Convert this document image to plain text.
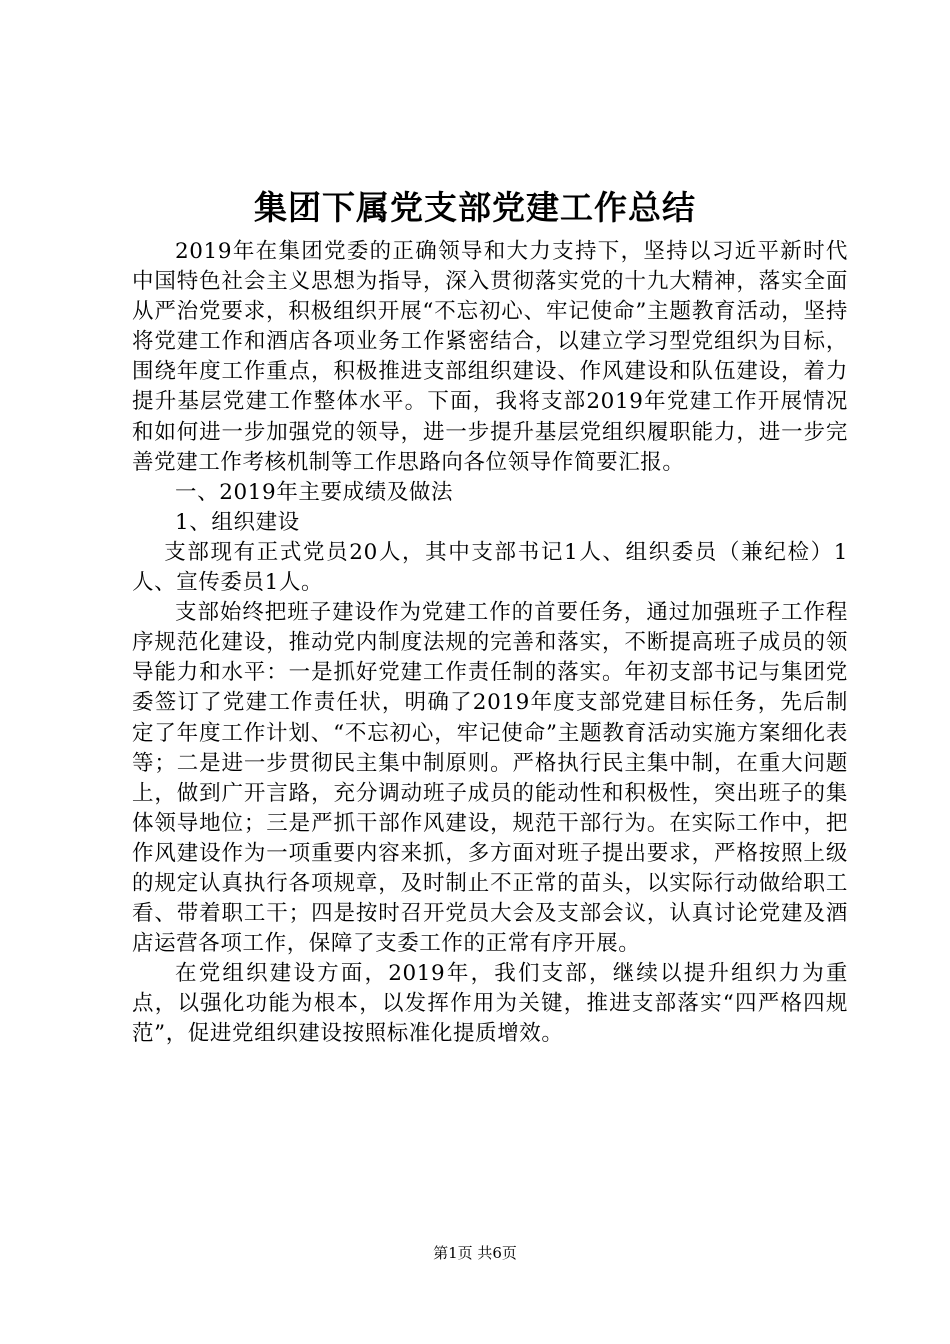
集团下属党支部党建工作总结

2019年在集团党委的正确领导和大力支持下，坚持以习近平新时代中国特色社会主义思想为指导，深入贯彻落实党的十九大精神，落实全面从严治党要求，积极组织开展“不忘初心、牢记使命”主题教育活动，坚持将党建工作和酒店各项业务工作紧密结合，以建立学习型党组织为目标，围绕年度工作重点，积极推进支部组织建设、作风建设和队伍建设，着力提升基层党建工作整体水平。下面，我将支部2019年党建工作开展情况和如何进一步加强党的领导，进一步提升基层党组织履职能力，进一步完善党建工作考核机制等工作思路向各位领导作简要汇报。

一、2019年主要成绩及做法

1、组织建设

支部现有正式党员20人，其中支部书记1人、组织委员（兼纪检）1人、宣传委员1人。

支部始终把班子建设作为党建工作的首要任务，通过加强班子工作程序规范化建设，推动党内制度法规的完善和落实，不断提高班子成员的领导能力和水平：一是抓好党建工作责任制的落实。年初支部书记与集团党委签订了党建工作责任状，明确了2019年度支部党建目标任务，先后制定了年度工作计划、“不忘初心，牢记使命”主题教育活动实施方案细化表等；二是进一步贯彻民主集中制原则。严格执行民主集中制，在重大问题上，做到广开言路，充分调动班子成员的能动性和积极性，突出班子的集体领导地位；三是严抓干部作风建设，规范干部行为。在实际工作中，把作风建设作为一项重要内容来抓，多方面对班子提出要求，严格按照上级的规定认真执行各项规章，及时制止不正常的苗头，以实际行动做给职工看、带着职工干；四是按时召开党员大会及支部会议，认真讨论党建及酒店运营各项工作，保障了支委工作的正常有序开展。

在党组织建设方面，2019年，我们支部，继续以提升组织力为重点，以强化功能为根本，以发挥作用为关键，推进支部落实“四严格四规范”，促进党组织建设按照标准化提质增效。

第1页 共6页
